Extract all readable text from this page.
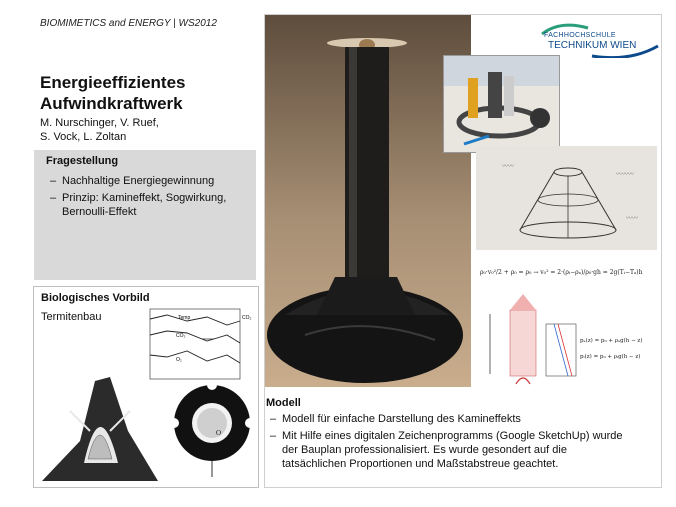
BIOMIMETICS and ENERGY | WS2012
Energieeffizientes
Aufwindkraftwerk
M. Nurschinger, V. Ruef,
S. Vock, L. Zoltan
Fragestellung
– Nachhaltige Energiegewinnung
– Prinzip: Kamineffekt, Sogwirkung, Bernoulli-Effekt
Biologisches Vorbild
Termitenbau	Temp
CO₂
O₂
CO₂
5
6	O
FACHHOCHSCHULE
TECHNIKUM WIEN
〰〰
〰〰〰
〰〰
ρ₀·v₀²/2 + ρ₀ = ρ₀ → v₀² = 2·(ρᵢ−ρₐ)/ρ₀·gh = 2g(Tᵢ−Tₐ)h
pₐ(z) = p₀ + ρₐg(h − z)
pᵢ(z) = p₀ + ρᵢg(h − z)
Modell
– Modell für einfache Darstellung des Kamineffekts
– Mit Hilfe eines digitalen Zeichenprogramms (Google SketchUp) wurde der Bauplan professionalisiert. Es wurde gesondert auf die tatsächlichen Proportionen und Maßstabstreue geachtet.
